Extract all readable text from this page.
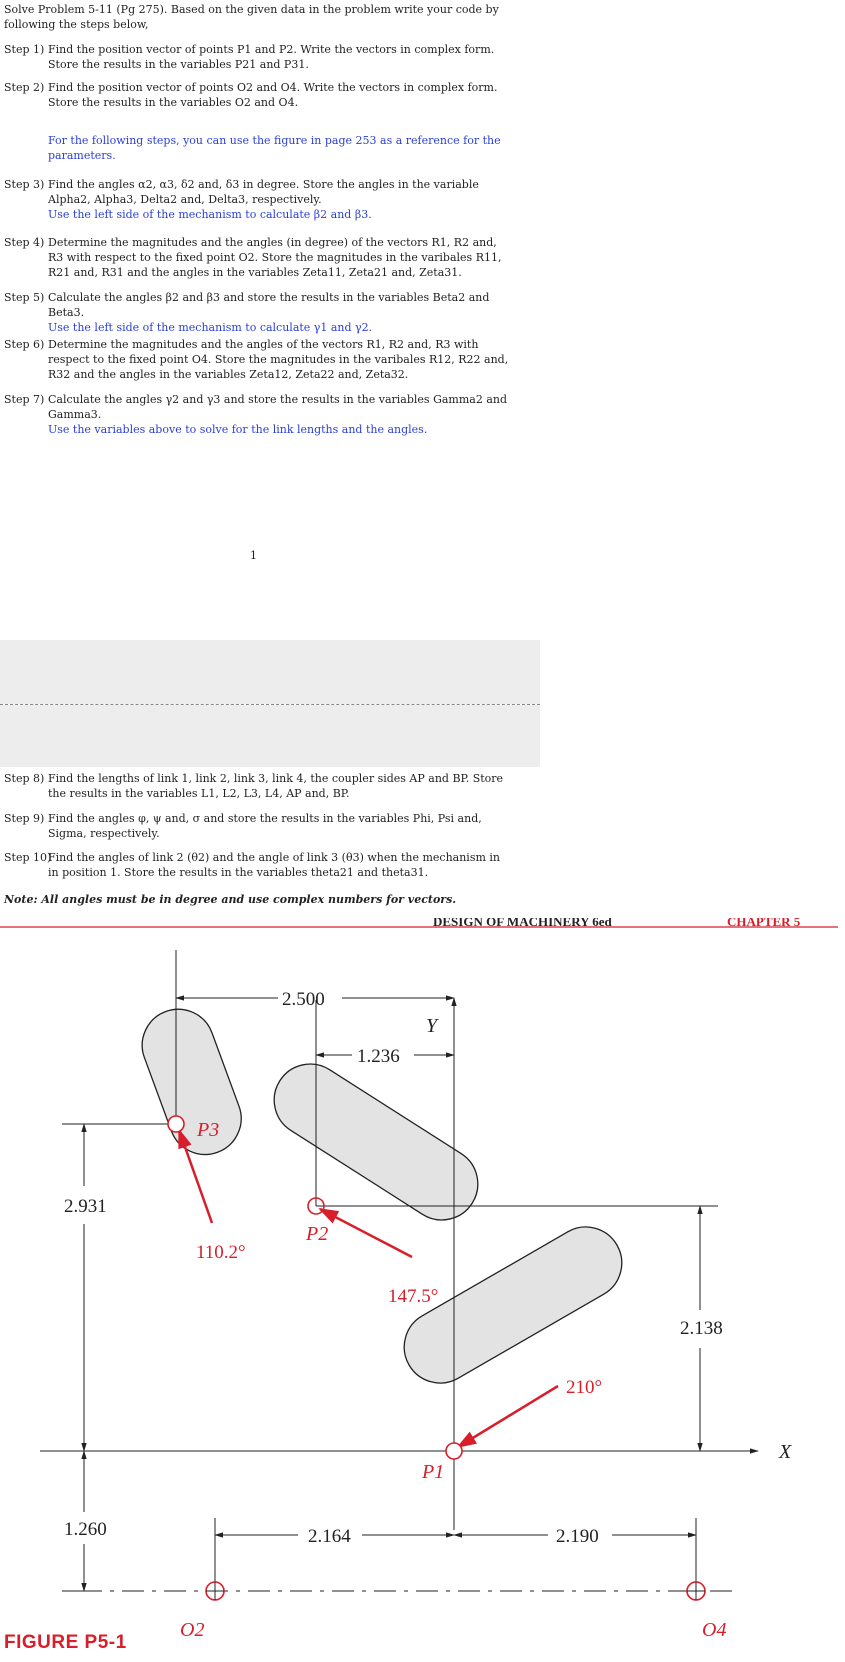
Solve Problem 5-11 (Pg 275). Based on the given data in the problem write your code by following the steps below,
Step 1) Find the position vector of points P1 and P2. Write the vectors in complex form. Store the results in the variables P21 and P31.
Step 2) Find the position vector of points O2 and O4. Write the vectors in complex form. Store the results in the variables O2 and O4.
For the following steps, you can use the figure in page 253 as a reference for the parameters.
Step 3) Find the angles α2, α3, δ2 and, δ3 in degree. Store the angles in the variable Alpha2, Alpha3, Delta2 and, Delta3, respectively.
Use the left side of the mechanism to calculate β2 and β3.
Step 4) Determine the magnitudes and the angles (in degree) of the vectors R1, R2 and, R3 with respect to the fixed point O2. Store the magnitudes in the varibales R11, R21 and, R31 and the angles in the variables Zeta11, Zeta21 and, Zeta31.
Step 5) Calculate the angles β2 and β3 and store the results in the variables Beta2 and Beta3.
Use the left side of the mechanism to calculate γ1 and γ2.
Step 6) Determine the magnitudes and the angles of the vectors R1, R2 and, R3 with respect to the fixed point O4. Store the magnitudes in the varibales R12, R22 and, R32 and the angles in the variables Zeta12, Zeta22 and, Zeta32.
Step 7) Calculate the angles γ2 and γ3 and store the results in the variables Gamma2 and Gamma3.
Use the variables above to solve for the link lengths and the angles.
1
Step 8) Find the lengths of link 1, link 2, link 3, link 4, the coupler sides AP and BP. Store the results in the variables L1, L2, L3, L4, AP and, BP.
Step 9) Find the angles φ, ψ and, σ and store the results in the variables Phi, Psi and, Sigma, respectively.
Step 10)
Find the angles of link 2 (θ2) and the angle of link 3 (θ3) when the mechanism in in position 1. Store the results in the variables theta21 and theta31.
Note: All angles must be in degree and use complex numbers for vectors.
DESIGN OF MACHINERY 6ed	CHAPTER 5
Y
X
2.500
1.236
2.931
2.138
1.260	2.164	2.190
P3
P2
P1
O2	O4
110.2°
147.5°
210°
FIGURE P5-1
